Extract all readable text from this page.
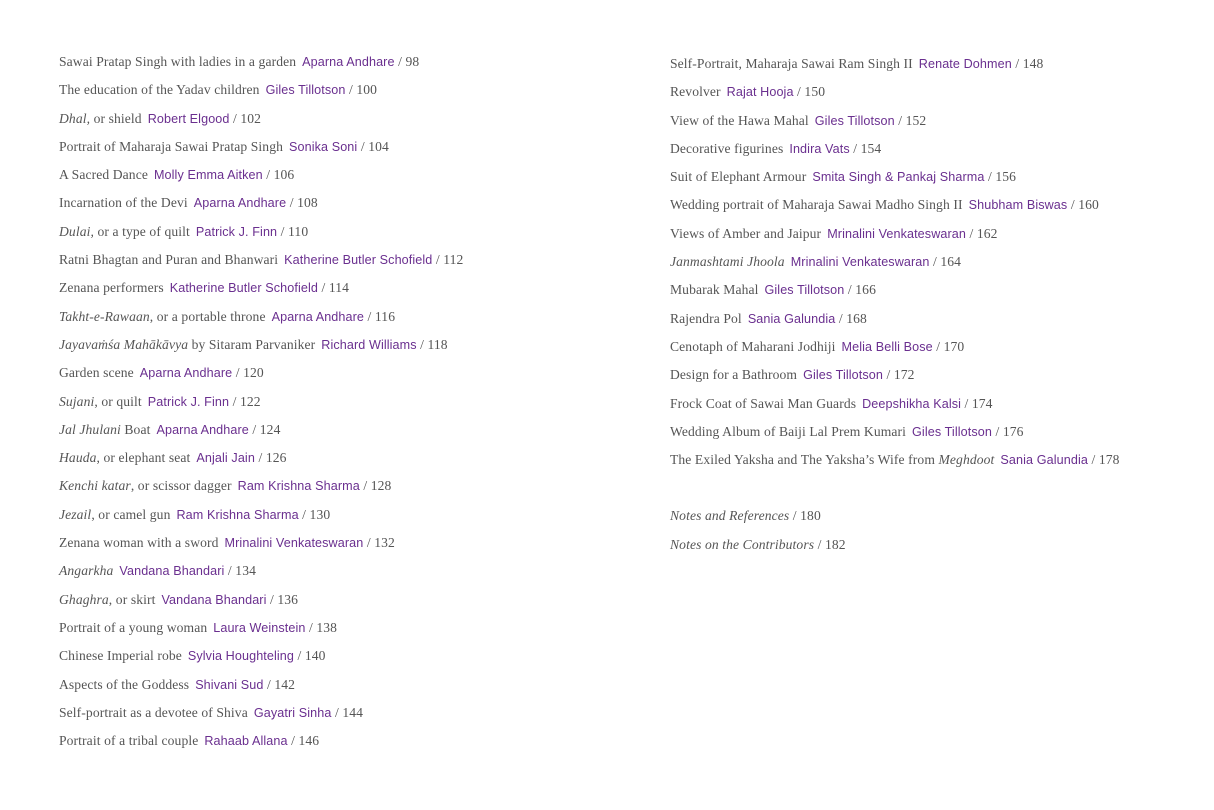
Sawai Pratap Singh with ladies in a garden Aparna Andhare / 98
The education of the Yadav children Giles Tillotson / 100
Dhal, or shield Robert Elgood / 102
Portrait of Maharaja Sawai Pratap Singh Sonika Soni / 104
A Sacred Dance Molly Emma Aitken / 106
Incarnation of the Devi Aparna Andhare / 108
Dulai, or a type of quilt Patrick J. Finn / 110
Ratni Bhagtan and Puran and Bhanwari Katherine Butler Schofield / 112
Zenana performers Katherine Butler Schofield / 114
Takht-e-Rawaan, or a portable throne Aparna Andhare / 116
Jayavaṁśa Mahākāvya by Sitaram Parvaniker Richard Williams / 118
Garden scene Aparna Andhare / 120
Sujani, or quilt Patrick J. Finn / 122
Jal Jhulani Boat Aparna Andhare / 124
Hauda, or elephant seat Anjali Jain / 126
Kenchi katar, or scissor dagger Ram Krishna Sharma / 128
Jezail, or camel gun Ram Krishna Sharma / 130
Zenana woman with a sword Mrinalini Venkateswaran / 132
Angarkha Vandana Bhandari / 134
Ghaghra, or skirt Vandana Bhandari / 136
Portrait of a young woman Laura Weinstein / 138
Chinese Imperial robe Sylvia Houghteling / 140
Aspects of the Goddess Shivani Sud / 142
Self-portrait as a devotee of Shiva Gayatri Sinha / 144
Portrait of a tribal couple Rahaab Allana / 146
Self-Portrait, Maharaja Sawai Ram Singh II Renate Dohmen / 148
Revolver Rajat Hooja / 150
View of the Hawa Mahal Giles Tillotson / 152
Decorative figurines Indira Vats / 154
Suit of Elephant Armour Smita Singh & Pankaj Sharma / 156
Wedding portrait of Maharaja Sawai Madho Singh II Shubham Biswas / 160
Views of Amber and Jaipur Mrinalini Venkateswaran / 162
Janmashtami Jhoola Mrinalini Venkateswaran / 164
Mubarak Mahal Giles Tillotson / 166
Rajendra Pol Sania Galundia / 168
Cenotaph of Maharani Jodhiji Melia Belli Bose / 170
Design for a Bathroom Giles Tillotson / 172
Frock Coat of Sawai Man Guards Deepshikha Kalsi / 174
Wedding Album of Baiji Lal Prem Kumari Giles Tillotson / 176
The Exiled Yaksha and The Yaksha’s Wife from Meghdoot Sania Galundia / 178
Notes and References / 180
Notes on the Contributors / 182
